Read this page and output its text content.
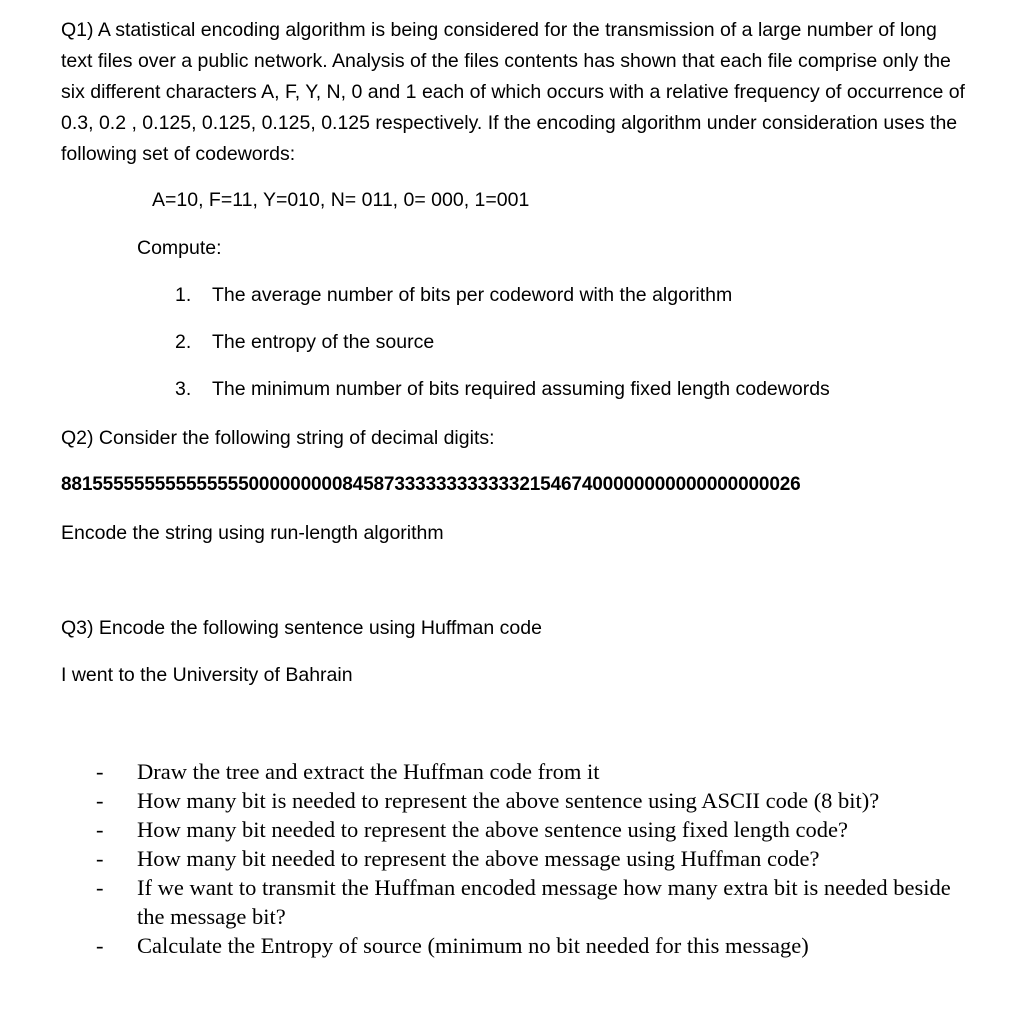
Q1) A statistical encoding algorithm is being considered for the transmission of a large number of long text files over a public network. Analysis of the files contents has shown that each file comprise only the six different characters A, F, Y, N, 0 and 1 each of which occurs with a relative frequency of occurrence of 0.3, 0.2 , 0.125, 0.125, 0.125, 0.125 respectively. If the encoding algorithm under consideration uses the following set of codewords:
A=10, F=11, Y=010, N= 011, 0= 000, 1=001
Compute:
1. The average number of bits per codeword with the algorithm
2. The entropy of the source
3. The minimum number of bits required assuming fixed length codewords
Q2) Consider the following string of decimal digits:
88155555555555555500000000084587333333333333215467400000000000000000026
Encode the string using run-length algorithm
Q3) Encode the following sentence using Huffman code
I went to the University of Bahrain
- Draw the tree and extract the Huffman code from it
- How many bit is needed to represent the above sentence using ASCII code (8 bit)?
- How many bit needed to represent the above sentence using fixed length code?
- How many bit needed to represent the above message using Huffman code?
- If we want to transmit the Huffman encoded message how many extra bit is needed beside the message bit?
- Calculate the Entropy of source (minimum no bit needed for this message)
